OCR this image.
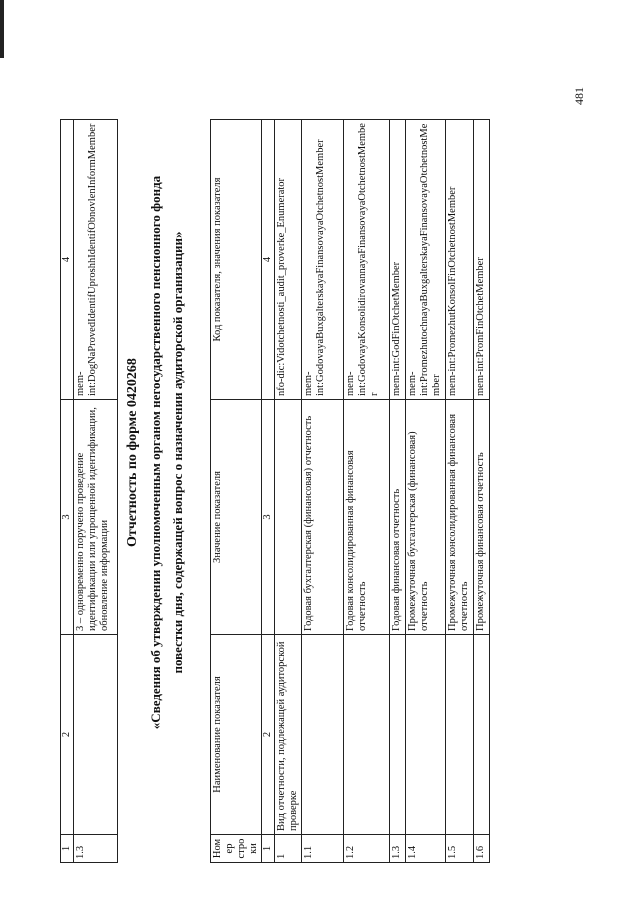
1	2	3	4
1.3		3 – одновременно поручено проведение идентификации или упрощенной идентификации, обновление информации	mem-int:DogNaProvedIdentifUproshhIdentifObnovlenInformMember
Отчетность по форме 0420268 «Сведения об утверждении уполномоченным органом негосударственного пенсионного фонда повестки дня, содержащей вопрос о назначении аудиторской организации»
Номер строки	Наименование показателя	Значение показателя	Код показателя, значения показателя
1	2	3	4
1	Вид отчетности, подлежащей аудиторской проверке		nfo-dic:Vidotchetnosti_audit_proverke_Enumerator
1.1		Годовая бухгалтерская (финансовая) отчетность	mem-int:GodovayaBuxgalterskayaFinansovayaOtchetnostMember
1.2		Годовая консолидированная финансовая отчетность	mem-int:GodovayaKonsolidirovannayaFinansovayaOtchetnostMember
1.3		Годовая финансовая отчетность	mem-int:GodFinOtchetMember
1.4		Промежуточная бухгалтерская (финансовая) отчетность	mem-int:PromezhutochnayaBuxgalterskayaFinansovayaOtchetnostMember
1.5		Промежуточная консолидированная финансовая отчетность	mem-int:PromezhutKonsolFinOtchetnostMember
1.6		Промежуточная финансовая отчетность	mem-int:PromFinOtchetMember
481
